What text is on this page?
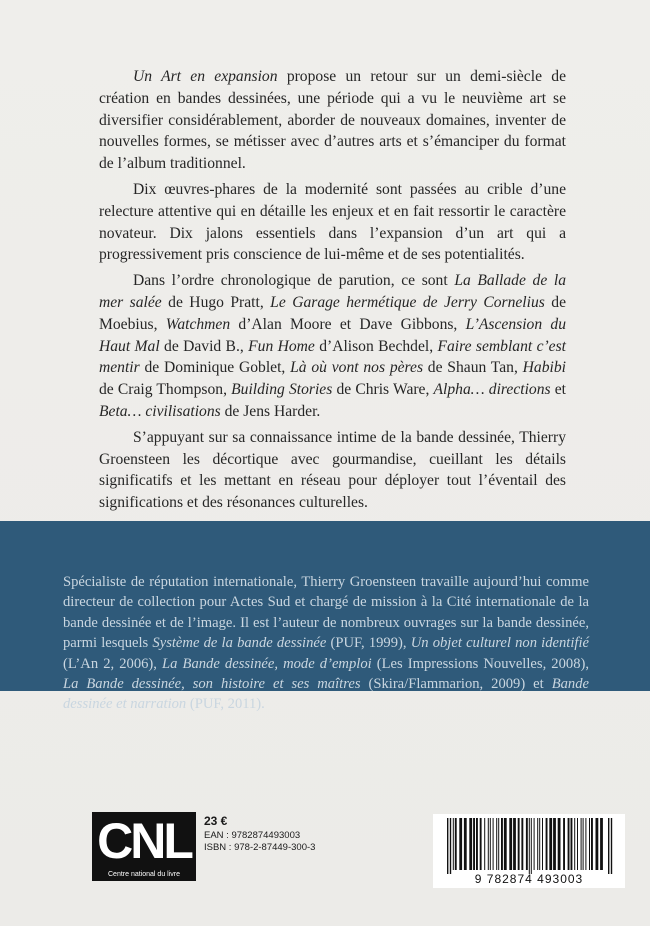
Un Art en expansion propose un retour sur un demi-siècle de création en bandes dessinées, une période qui a vu le neuvième art se diversifier considérablement, aborder de nouveaux domaines, inventer de nouvelles formes, se métisser avec d’autres arts et s’émanciper du format de l’album traditionnel.

Dix œuvres-phares de la modernité sont passées au crible d’une relecture attentive qui en détaille les enjeux et en fait ressortir le caractère novateur. Dix jalons essentiels dans l’expansion d’un art qui a progressivement pris conscience de lui-même et de ses potentialités.

Dans l’ordre chronologique de parution, ce sont La Ballade de la mer salée de Hugo Pratt, Le Garage hermétique de Jerry Cornelius de Moebius, Watchmen d’Alan Moore et Dave Gibbons, L’Ascension du Haut Mal de David B., Fun Home d’Alison Bechdel, Faire semblant c’est mentir de Dominique Goblet, Là où vont nos pères de Shaun Tan, Habibi de Craig Thompson, Building Stories de Chris Ware, Alpha… directions et Beta… civilisations de Jens Harder.

S’appuyant sur sa connaissance intime de la bande dessinée, Thierry Groensteen les décortique avec gourmandise, cueillant les détails significatifs et les mettant en réseau pour déployer tout l’éventail des significations et des résonances culturelles.

Spécialiste de réputation internationale, Thierry Groensteen travaille aujourd’hui comme directeur de collection pour Actes Sud et chargé de mission à la Cité internationale de la bande dessinée et de l’image. Il est l’auteur de nombreux ouvrages sur la bande dessinée, parmi lesquels Système de la bande dessinée (PUF, 1999), Un objet culturel non identifié (L’An 2, 2006), La Bande dessinée, mode d’emploi (Les Impressions Nouvelles, 2008), La Bande dessinée, son histoire et ses maîtres (Skira/Flammarion, 2009) et Bande dessinée et narration (PUF, 2011).
CNL
Centre national du livre
23 €
EAN : 9782874493003
ISBN : 978-2-87449-300-3
9 782874 493003
